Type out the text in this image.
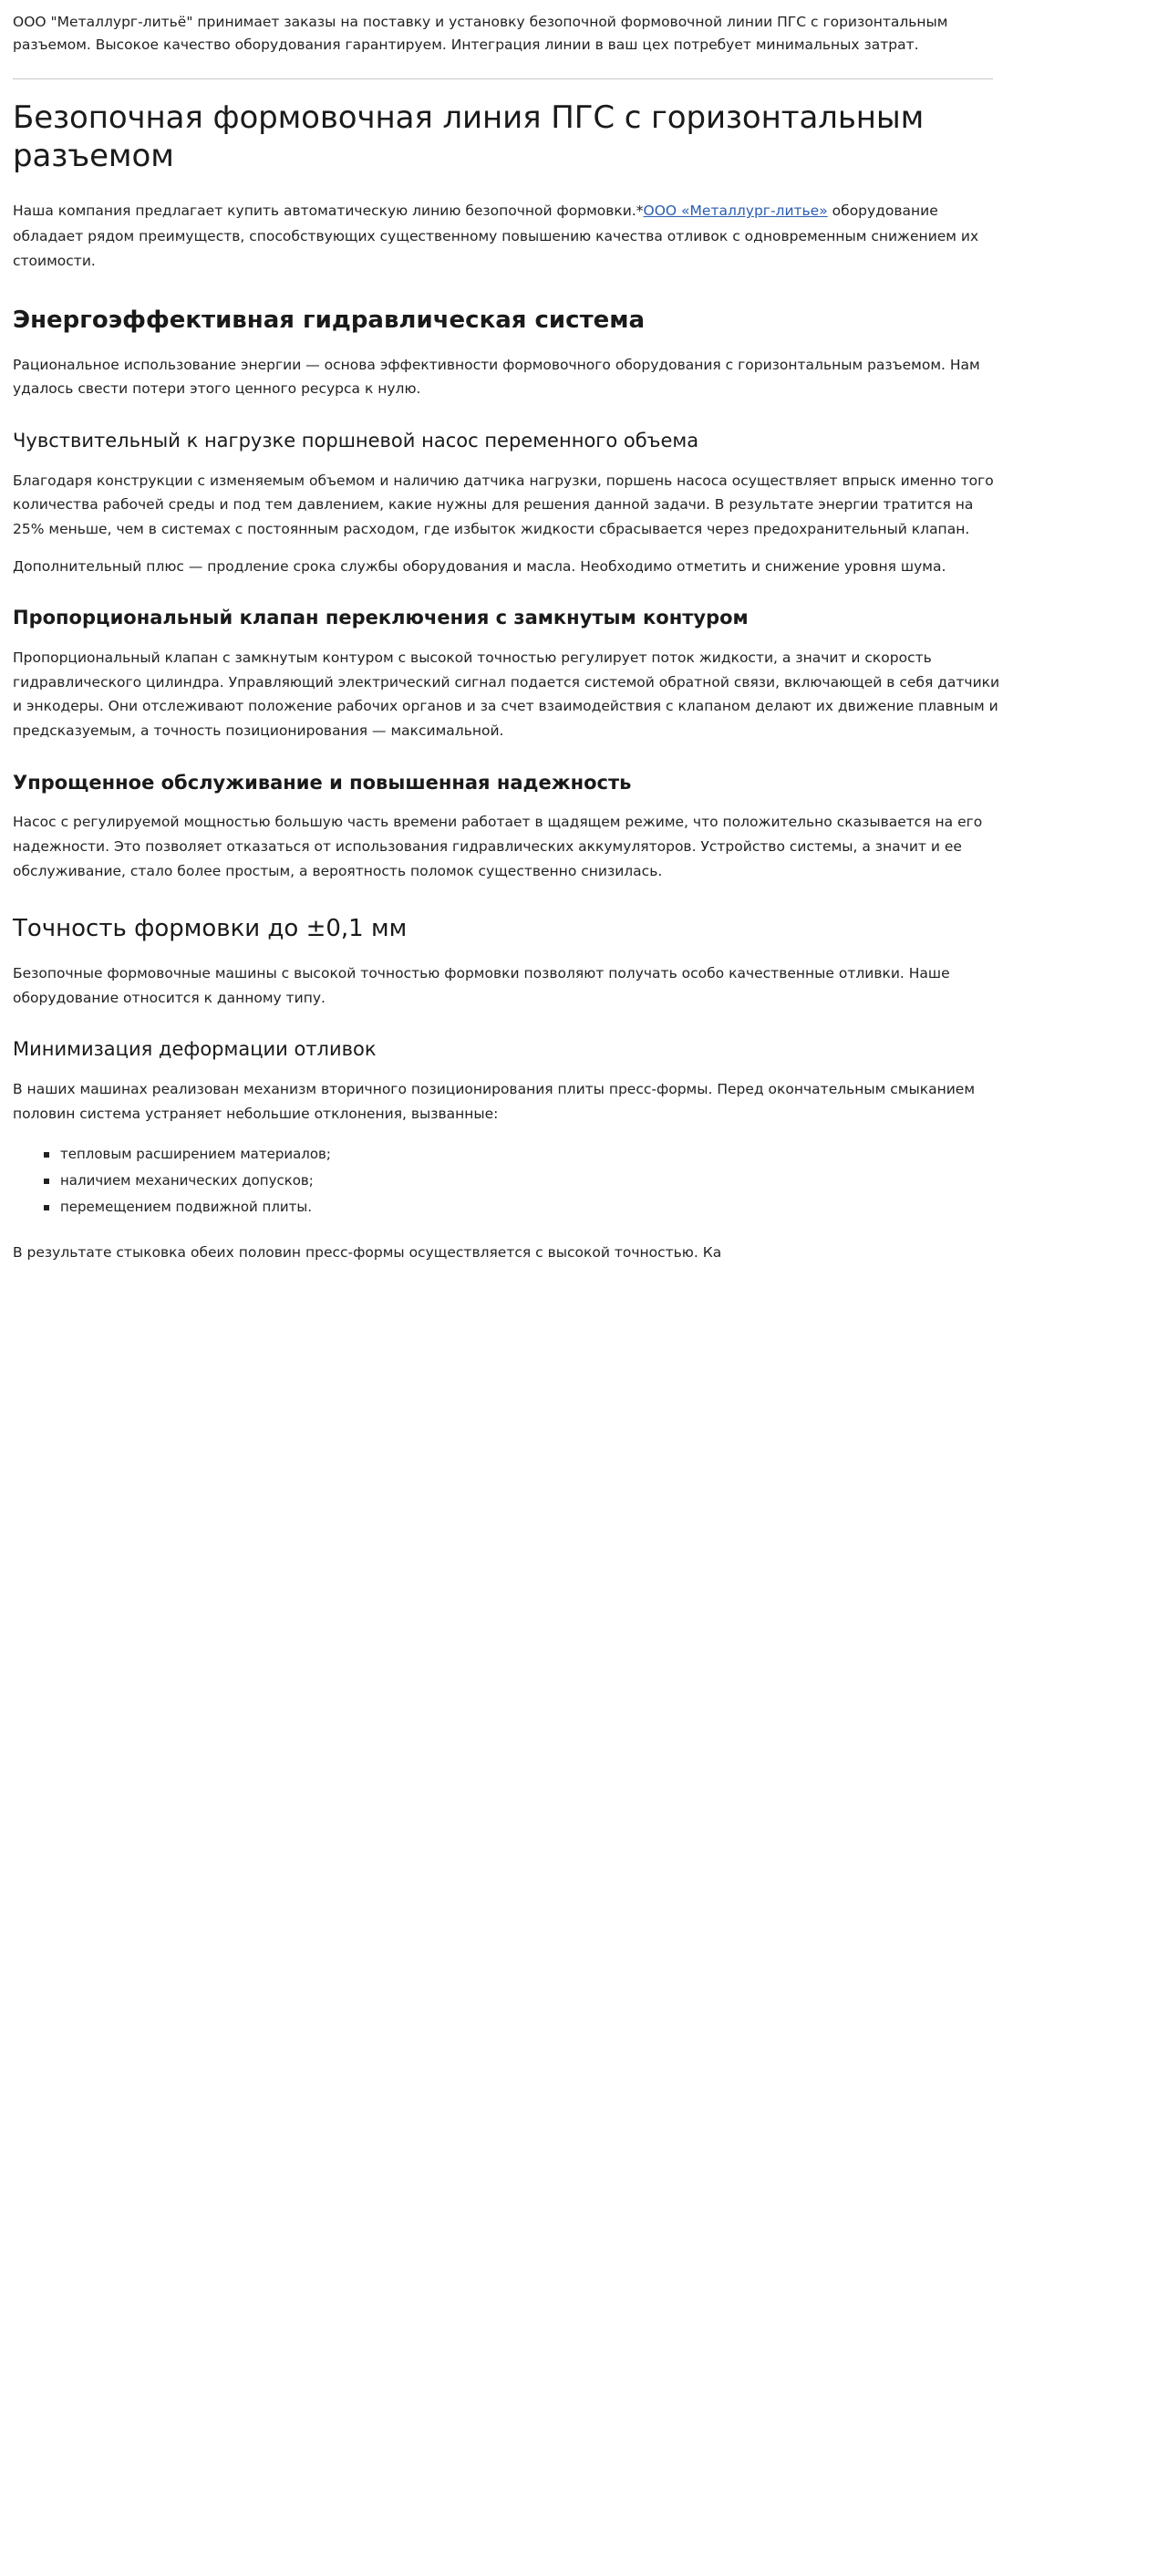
ООО "Металлург-литьё" принимает заказы на поставку и установку безопочной формовочной линии ПГС с горизонтальным разъемом. Высокое качество оборудования гарантируем. Интеграция линии в ваш цех потребует минимальных затрат.

Безопочная формовочная линия ПГС с горизонтальным разъемом

Наша компания предлагает купить автоматическую линию безопочной формовки.*ООО «Металлург-литье» оборудование обладает рядом преимуществ, способствующих существенному повышению качества отливок с одновременным снижением их стоимости.

Энергоэффективная гидравлическая система

Рациональное использование энергии — основа эффективности формовочного оборудования с горизонтальным разъемом. Нам удалось свести потери этого ценного ресурса к нулю.

Чувствительный к нагрузке поршневой насос переменного объема

Благодаря конструкции с изменяемым объемом и наличию датчика нагрузки, поршень насоса осуществляет впрыск именно того количества рабочей среды и под тем давлением, какие нужны для решения данной задачи. В результате энергии тратится на 25% меньше, чем в системах с постоянным расходом, где избыток жидкости сбрасывается через предохранительный клапан.

Дополнительный плюс — продление срока службы оборудования и масла. Необходимо отметить и снижение уровня шума.

Пропорциональный клапан переключения с замкнутым контуром

Пропорциональный клапан с замкнутым контуром с высокой точностью регулирует поток жидкости, а значит и скорость гидравлического цилиндра. Управляющий электрический сигнал подается системой обратной связи, включающей в себя датчики и энкодеры. Они отслеживают положение рабочих органов и за счет взаимодействия с клапаном делают их движение плавным и предсказуемым, а точность позиционирования — максимальной.

Упрощенное обслуживание и повышенная надежность

Насос с регулируемой мощностью большую часть времени работает в щадящем режиме, что положительно сказывается на его надежности. Это позволяет отказаться от использования гидравлических аккумуляторов. Устройство системы, а значит и ее обслуживание, стало более простым, а вероятность поломок существенно снизилась.

Точность формовки до ±0,1 мм

Безопочные формовочные машины с высокой точностью формовки позволяют получать особо качественные отливки. Наше оборудование относится к данному типу.

Минимизация деформации отливок

В наших машинах реализован механизм вторичного позиционирования плиты пресс-формы. Перед окончательным смыканием половин система устраняет небольшие отклонения, вызванные:

тепловым расширением материалов;
наличием механических допусков;
перемещением подвижной плиты.

В результате стыковка обеих половин пресс-формы осуществляется с высокой точностью. Ка
